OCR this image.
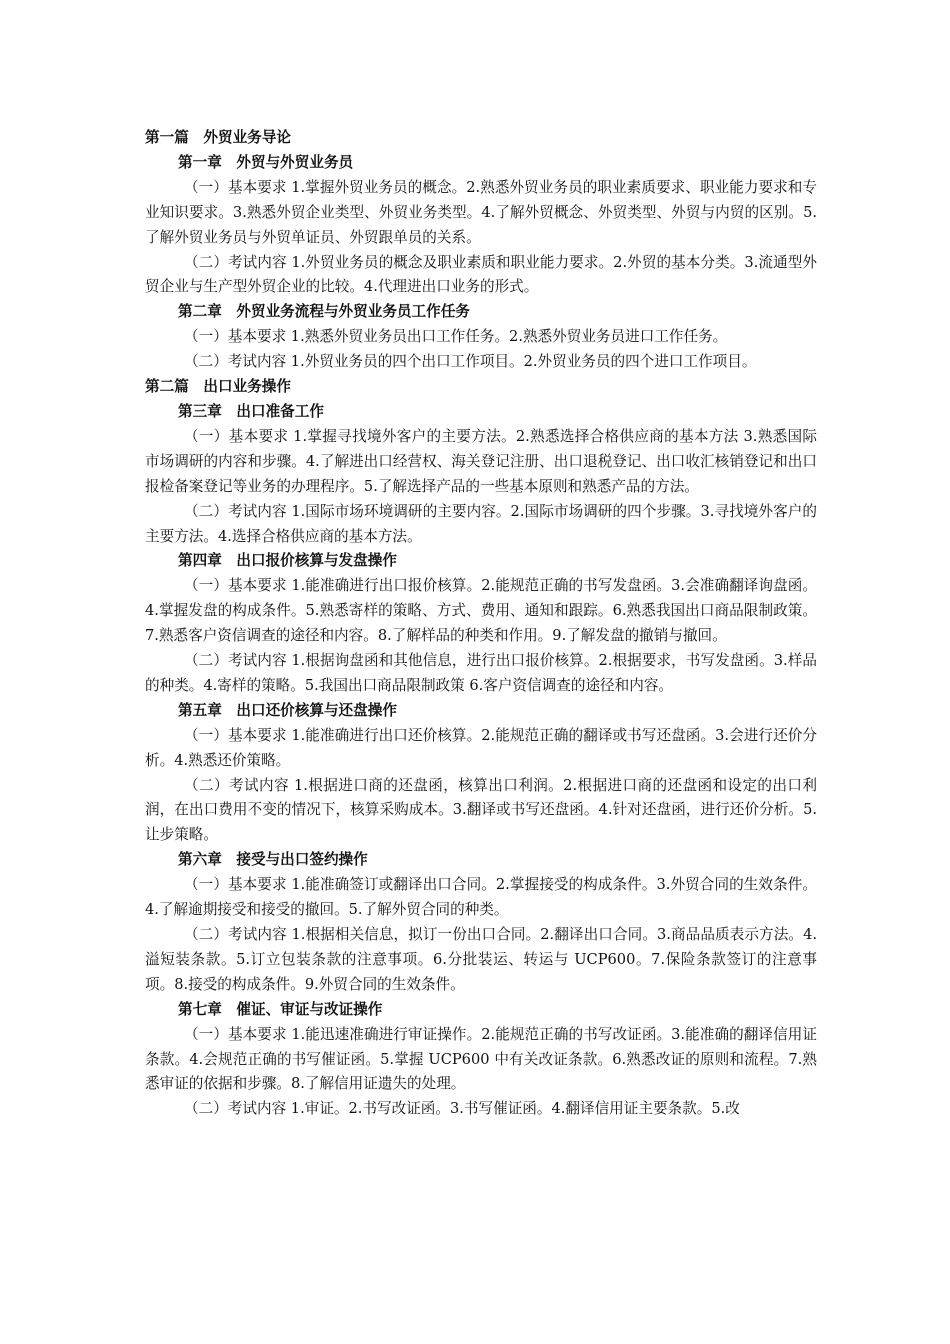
第一篇　外贸业务导论

第一章　外贸与外贸业务员

（一）基本要求 1.掌握外贸业务员的概念。2.熟悉外贸业务员的职业素质要求、职业能力要求和专业知识要求。3.熟悉外贸企业类型、外贸业务类型。4.了解外贸概念、外贸类型、外贸与内贸的区别。5.了解外贸业务员与外贸单证员、外贸跟单员的关系。

（二）考试内容 1.外贸业务员的概念及职业素质和职业能力要求。2.外贸的基本分类。3.流通型外贸企业与生产型外贸企业的比较。4.代理进出口业务的形式。

第二章　外贸业务流程与外贸业务员工作任务

（一）基本要求 1.熟悉外贸业务员出口工作任务。2.熟悉外贸业务员进口工作任务。

（二）考试内容 1.外贸业务员的四个出口工作项目。2.外贸业务员的四个进口工作项目。

第二篇　出口业务操作

第三章　出口准备工作

（一）基本要求 1.掌握寻找境外客户的主要方法。2.熟悉选择合格供应商的基本方法 3.熟悉国际市场调研的内容和步骤。4.了解进出口经营权、海关登记注册、出口退税登记、出口收汇核销登记和出口报检备案登记等业务的办理程序。5.了解选择产品的一些基本原则和熟悉产品的方法。

（二）考试内容 1.国际市场环境调研的主要内容。2.国际市场调研的四个步骤。3.寻找境外客户的主要方法。4.选择合格供应商的基本方法。

第四章　出口报价核算与发盘操作

（一）基本要求 1.能准确进行出口报价核算。2.能规范正确的书写发盘函。3.会准确翻译询盘函。4.掌握发盘的构成条件。5.熟悉寄样的策略、方式、费用、通知和跟踪。6.熟悉我国出口商品限制政策。7.熟悉客户资信调查的途径和内容。8.了解样品的种类和作用。9.了解发盘的撤销与撤回。

（二）考试内容 1.根据询盘函和其他信息，进行出口报价核算。2.根据要求，书写发盘函。3.样品的种类。4.寄样的策略。5.我国出口商品限制政策 6.客户资信调查的途径和内容。

第五章　出口还价核算与还盘操作

（一）基本要求 1.能准确进行出口还价核算。2.能规范正确的翻译或书写还盘函。3.会进行还价分析。4.熟悉还价策略。

（二）考试内容 1.根据进口商的还盘函，核算出口利润。2.根据进口商的还盘函和设定的出口利润，在出口费用不变的情况下，核算采购成本。3.翻译或书写还盘函。4.针对还盘函，进行还价分析。5.让步策略。

第六章　接受与出口签约操作

（一）基本要求 1.能准确签订或翻译出口合同。2.掌握接受的构成条件。3.外贸合同的生效条件。4.了解逾期接受和接受的撤回。5.了解外贸合同的种类。

（二）考试内容 1.根据相关信息，拟订一份出口合同。2.翻译出口合同。3.商品品质表示方法。4.溢短装条款。5.订立包装条款的注意事项。6.分批装运、转运与 UCP600。7.保险条款签订的注意事项。8.接受的构成条件。9.外贸合同的生效条件。

第七章　催证、审证与改证操作

（一）基本要求 1.能迅速准确进行审证操作。2.能规范正确的书写改证函。3.能准确的翻译信用证条款。4.会规范正确的书写催证函。5.掌握 UCP600 中有关改证条款。6.熟悉改证的原则和流程。7.熟悉审证的依据和步骤。8.了解信用证遗失的处理。

（二）考试内容 1.审证。2.书写改证函。3.书写催证函。4.翻译信用证主要条款。5.改
